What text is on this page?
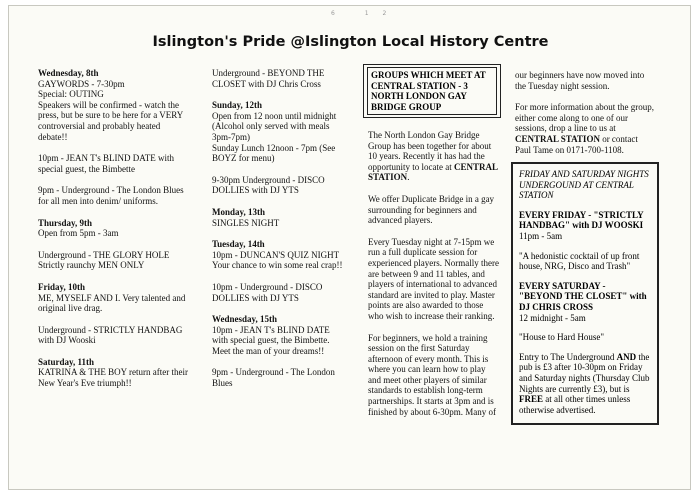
6 12
Islington's Pride @Islington Local History Centre

Wednesday, 8th
GAYWORDS - 7-30pm
Special: OUTING
Speakers will be confirmed - watch the press, but be sure to be here for a VERY controversial and probably heated debate!!

10pm - JEAN T's BLIND DATE with special guest, the Bimbette

9pm - Underground - The London Blues for all men into denim/ uniforms.

Thursday, 9th
Open from 5pm - 3am

Underground - THE GLORY HOLE Strictly raunchy MEN ONLY

Friday, 10th
ME, MYSELF AND I. Very talented and original live drag.

Underground - STRICTLY HANDBAG with DJ Wooski

Saturday, 11th
KATRINA & THE BOY return after their New Year's Eve triumph!!

Underground - BEYOND THE CLOSET with DJ Chris Cross

Sunday, 12th
Open from 12 noon until midnight (Alcohol only served with meals 3pm-7pm)
Sunday Lunch 12noon - 7pm (See BOYZ for menu)

9-30pm Underground - DISCO DOLLIES with DJ YTS

Monday, 13th
SINGLES NIGHT

Tuesday, 14th
10pm - DUNCAN'S QUIZ NIGHT Your chance to win some real crap!!

10pm - Underground - DISCO DOLLIES with DJ YTS

Wednesday, 15th
10pm - JEAN T's BLIND DATE with special guest, the Bimbette. Meet the man of your dreams!!

9pm - Underground - The London Blues

GROUPS WHICH MEET AT CENTRAL STATION - 3 NORTH LONDON GAY BRIDGE GROUP

The North London Gay Bridge Group has been together for about 10 years. Recently it has had the opportunity to locate at CENTRAL STATION.

We offer Duplicate Bridge in a gay surrounding for beginners and advanced players.

Every Tuesday night at 7-15pm we run a full duplicate session for experienced players. Normally there are between 9 and 11 tables, and players of international to advanced standard are invited to play. Master points are also awarded to those who wish to increase their ranking.

For beginners, we hold a training session on the first Saturday afternoon of every month. This is where you can learn how to play and meet other players of similar standards to establish long-term partnerships. It starts at 3pm and is finished by about 6-30pm. Many of

our beginners have now moved into the Tuesday night session.

For more information about the group, either come along to one of our sessions, drop a line to us at CENTRAL STATION or contact Paul Tame on 0171-700-1108.

FRIDAY AND SATURDAY NIGHTS UNDERGOUND AT CENTRAL STATION

EVERY FRIDAY - "STRICTLY HANDBAG" with DJ WOOSKI
11pm - 5am

"A hedonistic cocktail of up front house, NRG, Disco and Trash"

EVERY SATURDAY - "BEYOND THE CLOSET" with DJ CHRIS CROSS
12 midnight - 5am

"House to Hard House"

Entry to The Underground AND the pub is £3 after 10-30pm on Friday and Saturday nights (Thursday Club Nights are currently £3), but is FREE at all other times unless otherwise advertised.
